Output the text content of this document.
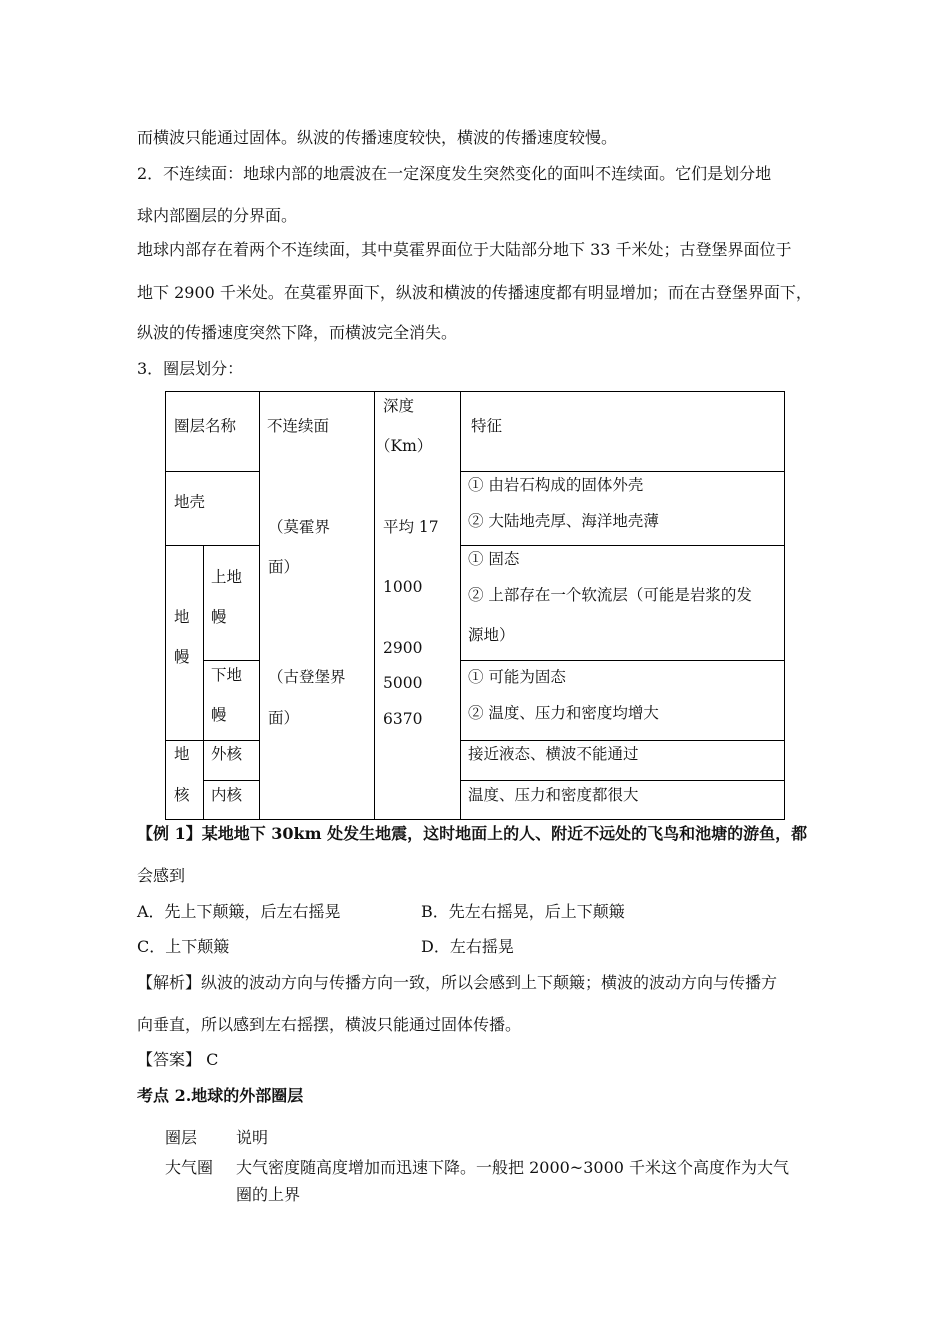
而横波只能通过固体。纵波的传播速度较快，横波的传播速度较慢。
2．不连续面：地球内部的地震波在一定深度发生突然变化的面叫不连续面。它们是划分地
球内部圈层的分界面。
地球内部存在着两个不连续面，其中莫霍界面位于大陆部分地下 33 千米处；古登堡界面位于
地下 2900 千米处。在莫霍界面下，纵波和横波的传播速度都有明显增加；而在古登堡界面下，
纵波的传播速度突然下降，而横波完全消失。
3．圈层划分：
圈层名称 不连续面
深度
（Km）
特征
地壳
① 由岩石构成的固体外壳
② 大陆地壳厚、海洋地壳薄
地
幔
上地
幔
① 固态
② 上部存在一个软流层（可能是岩浆的发
源地）
下地
幔
① 可能为固态
② 温度、压力和密度均增大
地
核
外核
内核
接近液态、横波不能通过
温度、压力和密度都很大
（莫霍界
面）
（古登堡界
面）
平均 17
1000
2900
5000
6370
【例 1】某地地下 30km 处发生地震，这时地面上的人、附近不远处的飞鸟和池塘的游鱼，都
会感到
A．先上下颠簸，后左右摇晃	B．先左右摇晃，后上下颠簸
C．上下颠簸	D．左右摇晃
【解析】纵波的波动方向与传播方向一致，所以会感到上下颠簸；横波的波动方向与传播方
向垂直，所以感到左右摇摆，横波只能通过固体传播。
【答案】 C
考点 2.地球的外部圈层
圈层 说明
大气圈 大气密度随高度增加而迅速下降。一般把 2000~3000 千米这个高度作为大气
圈的上界
